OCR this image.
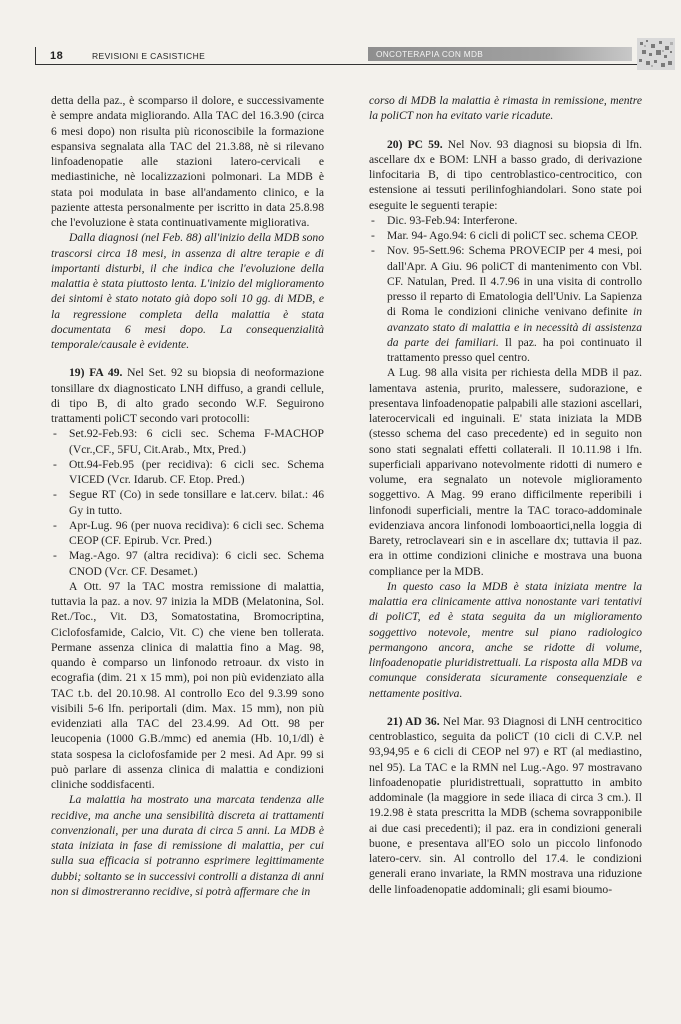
18	REVISIONI E CASISTICHE	ONCOTERAPIA CON MDB

detta della paz., è scomparso il dolore, e successivamente è sempre andata migliorando. Alla TAC del 16.3.90 (circa 6 mesi dopo) non risulta più riconoscibile la formazione espansiva segnalata alla TAC del 21.3.88, nè si rilevano linfoadenopatie alle stazioni latero-cervicali e mediastiniche, nè localizzazioni polmonari. La MDB è stata poi modulata in base all'andamento clinico, e la paziente attesta personalmente per iscritto in data 25.8.98 che l'evoluzione è stata continuativamente migliorativa.

Dalla diagnosi (nel Feb. 88) all'inizio della MDB sono trascorsi circa 18 mesi, in assenza di altre terapie e di importanti disturbi, il che indica che l'evoluzione della malattia è stata piuttosto lenta. L'inizio del miglioramento dei sintomi è stato notato già dopo soli 10 gg. di MDB, e la regressione completa della malattia è stata documentata 6 mesi dopo. La consequenzialità temporale/causale è evidente.

19) FA 49. Nel Set. 92 su biopsia di neoformazione tonsillare dx diagnosticato LNH diffuso, a grandi cellule, di tipo B, di alto grado secondo W.F. Seguirono trattamenti poliCT secondo vari protocolli:

- Set.92-Feb.93: 6 cicli sec. Schema F-MACHOP (Vcr.,CF., 5FU, Cit.Arab., Mtx, Pred.)
- Ott.94-Feb.95 (per recidiva): 6 cicli sec. Schema VICED (Vcr. Idarub. CF. Etop. Pred.)
- Segue RT (Co) in sede tonsillare e lat.cerv. bilat.: 46 Gy in tutto.
- Apr-Lug. 96 (per nuova recidiva): 6 cicli sec. Schema CEOP (CF. Epirub. Vcr. Pred.)
- Mag.-Ago. 97 (altra recidiva): 6 cicli sec. Schema CNOD (Vcr. CF. Desamet.)

A Ott. 97 la TAC mostra remissione di malattia, tuttavia la paz. a nov. 97 inizia la MDB (Melatonina, Sol. Ret./Toc., Vit. D3, Somatostatina, Bromocriptina, Ciclofosfamide, Calcio, Vit. C) che viene ben tollerata. Permane assenza clinica di malattia fino a Mag. 98, quando è comparso un linfonodo retroaur. dx visto in ecografia (dim. 21 x 15 mm), poi non più evidenziato alla TAC t.b. del 20.10.98. Al controllo Eco del 9.3.99 sono visibili 5-6 lfn. periportali (dim. Max. 15 mm), non più evidenziati alla TAC del 23.4.99. Ad Ott. 98 per leucopenia (1000 G.B./mmc) ed anemia (Hb. 10,1/dl) è stata sospesa la ciclofosfamide per 2 mesi. Ad Apr. 99 si può parlare di assenza clinica di malattia e condizioni cliniche soddisfacenti.

La malattia ha mostrato una marcata tendenza alle recidive, ma anche una sensibilità discreta ai trattamenti convenzionali, per una durata di circa 5 anni. La MDB è stata iniziata in fase di remissione di malattia, per cui sulla sua efficacia si potranno esprimere legittimamente dubbi; soltanto se in successivi controlli a distanza di anni non si dimostreranno recidive, si potrà affermare che in

corso di MDB la malattia è rimasta in remissione, mentre la poliCT non ha evitato varie ricadute.

20) PC 59. Nel Nov. 93 diagnosi su biopsia di lfn. ascellare dx e BOM: LNH a basso grado, di derivazione linfocitaria B, di tipo centroblastico-centrocitico, con estensione ai tessuti perilinfoghiandolari. Sono state poi eseguite le seguenti terapie:

- Dic. 93-Feb.94: Interferone.
- Mar. 94- Ago.94: 6 cicli di poliCT sec. schema CEOP.
- Nov. 95-Sett.96: Schema PROVECIP per 4 mesi, poi dall'Apr. A Giu. 96 poliCT di mantenimento con Vbl. CF. Natulan, Pred. Il 4.7.96 in una visita di controllo presso il reparto di Ematologia dell'Univ. La Sapienza di Roma le condizioni cliniche venivano definite in avanzato stato di malattia e in necessità di assistenza da parte dei familiari. Il paz. ha poi continuato il trattamento presso quel centro.

A Lug. 98 alla visita per richiesta della MDB il paz. lamentava astenia, prurito, malessere, sudorazione, e presentava linfoadenopatie palpabili alle stazioni ascellari, laterocervicali ed inguinali. E' stata iniziata la MDB (stesso schema del caso precedente) ed in seguito non sono stati segnalati effetti collaterali. Il 10.11.98 i lfn. superficiali apparivano notevolmente ridotti di numero e volume, era segnalato un notevole miglioramento soggettivo. A Mag. 99 erano difficilmente reperibili i linfonodi superficiali, mentre la TAC toraco-addominale evidenziava ancora linfonodi lomboaortici,nella loggia di Barety, retroclaveari sin e in ascellare dx; tuttavia il paz. era in ottime condizioni cliniche e mostrava una buona compliance per la MDB.

In questo caso la MDB è stata iniziata mentre la malattia era clinicamente attiva nonostante vari tentativi di poliCT, ed è stata seguita da un miglioramento soggettivo notevole, mentre sul piano radiologico permangono ancora, anche se ridotte di volume, linfoadenopatie pluridistrettuali. La risposta alla MDB va comunque considerata sicuramente consequenziale e nettamente positiva.

21) AD 36. Nel Mar. 93 Diagnosi di LNH centrocitico centroblastico, seguita da poliCT (10 cicli di C.V.P. nel 93,94,95 e 6 cicli di CEOP nel 97) e RT (al mediastino, nel 95). La TAC e la RMN nel Lug.-Ago. 97 mostravano linfoadenopatie pluridistrettuali, soprattutto in ambito addominale (la maggiore in sede iliaca di circa 3 cm.). Il 19.2.98 è stata prescritta la MDB (schema sovrapponibile ai due casi precedenti); il paz. era in condizioni generali buone, e presentava all'EO solo un piccolo linfonodo latero-cerv. sin. Al controllo del 17.4. le condizioni generali erano invariate, la RMN mostrava una riduzione delle linfoadenopatie addominali; gli esami bioumo-
